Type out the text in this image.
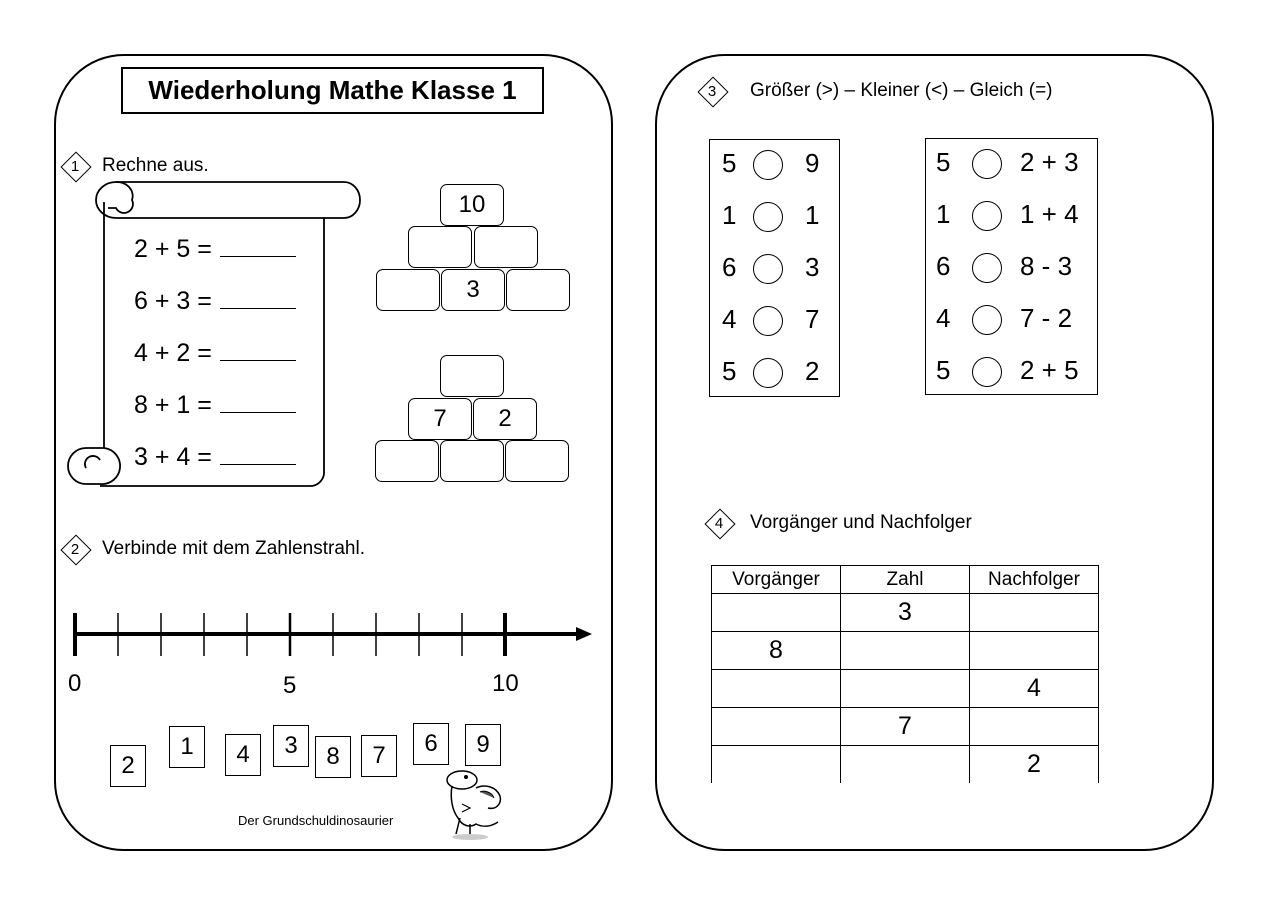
Wiederholung Mathe Klasse 1
1	Rechne aus.
2 + 5 =
6 + 3 =
4 + 2 =
8 + 1 =
3 + 4 =
10
3
7	2
2	Verbinde mit dem Zahlenstrahl.
0	5	10
2
1	4	3	8	7	6	9
Der Grundschuldinosaurier
3	Größer (>) – Kleiner (<) – Gleich (=)
5	9
1	1
6	3
4	7
5	2
5	2 + 3
1	1 + 4
6	8 - 3
4	7 - 2
5	2 + 5
4	Vorgänger und Nachfolger
Vorgänger	Zahl	Nachfolger
	3	
8		
		4
	7	
		2
